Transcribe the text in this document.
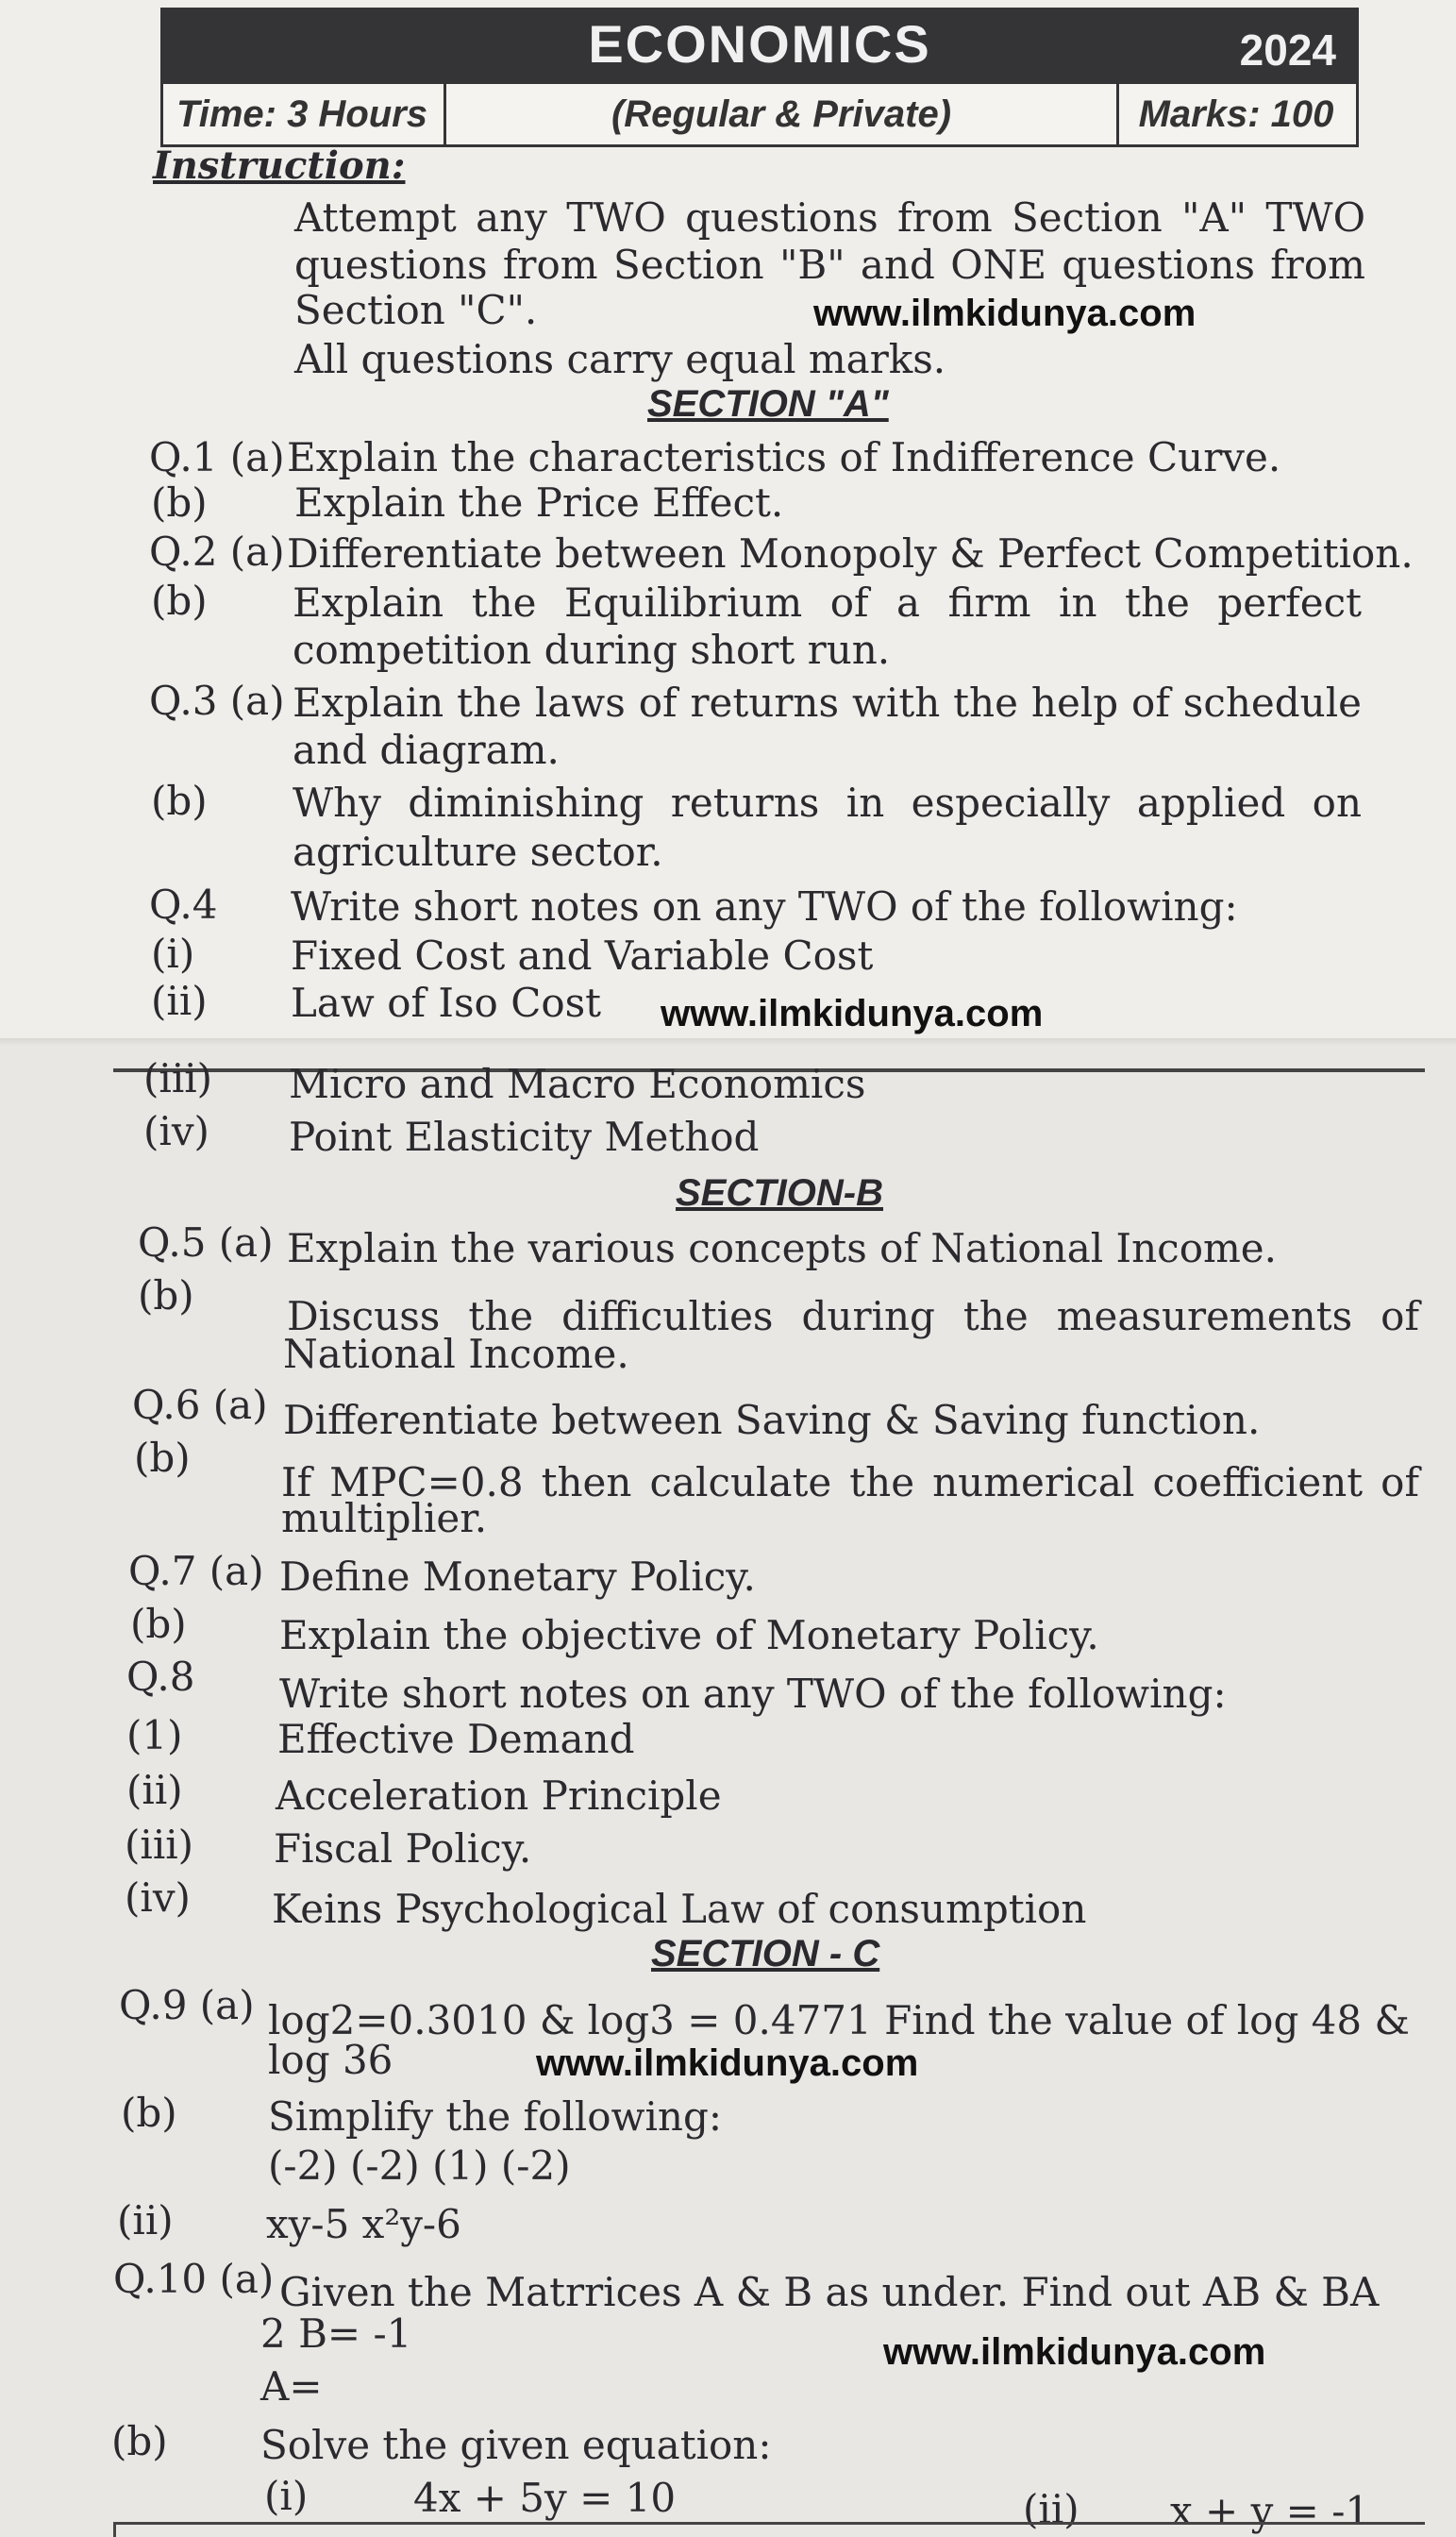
ECONOMICS	2024
Time: 3 Hours	(Regular & Private)	Marks: 100
Instruction:
Attempt any TWO questions from Section "A" TWO
questions from Section "B" and ONE questions from
Section "C".
All questions carry equal marks.
www.ilmkidunya.com
SECTION "A"
Q.1 (a) Explain the characteristics of Indifference Curve.
(b) Explain the Price Effect.
Q.2 (a) Differentiate between Monopoly & Perfect Competition.
(b) Explain the Equilibrium of a firm in the perfect
competition during short run.
Q.3 (a) Explain the laws of returns with the help of schedule
and diagram.
(b) Why diminishing returns in especially applied on
agriculture sector.
Q.4 Write short notes on any TWO of the following:
(i) Fixed Cost and Variable Cost
(ii) Law of Iso Cost www.ilmkidunya.com
(iii) Micro and Macro Economics
(iv) Point Elasticity Method
SECTION-B
Q.5 (a) Explain the various concepts of National Income.
(b) Discuss the difficulties during the measurements of
National Income.
Q.6 (a) Differentiate between Saving & Saving function.
(b)
If MPC=0.8 then calculate the numerical coefficient of
multiplier.
Q.7 (a) Define Monetary Policy.
(b) Explain the objective of Monetary Policy.
Q.8 Write short notes on any TWO of the following:
(1) Effective Demand
(ii) Acceleration Principle
(iii) Fiscal Policy.
(iv) Keins Psychological Law of consumption
SECTION - C
Q.9 (a) log2=0.3010 & log3 = 0.4771 Find the value of log 48 &
log 36	www.ilmkidunya.com
(b) Simplify the following:
(-2) (-2) (1) (-2)
(ii) xy-5 x²y-6
Q.10 (a) Given the Matrrices A & B as under. Find out AB & BA
2 B= -1
A=
www.ilmkidunya.com
(b) Solve the given equation:
(i)	4x + 5y = 10	(ii) x + y = -1
